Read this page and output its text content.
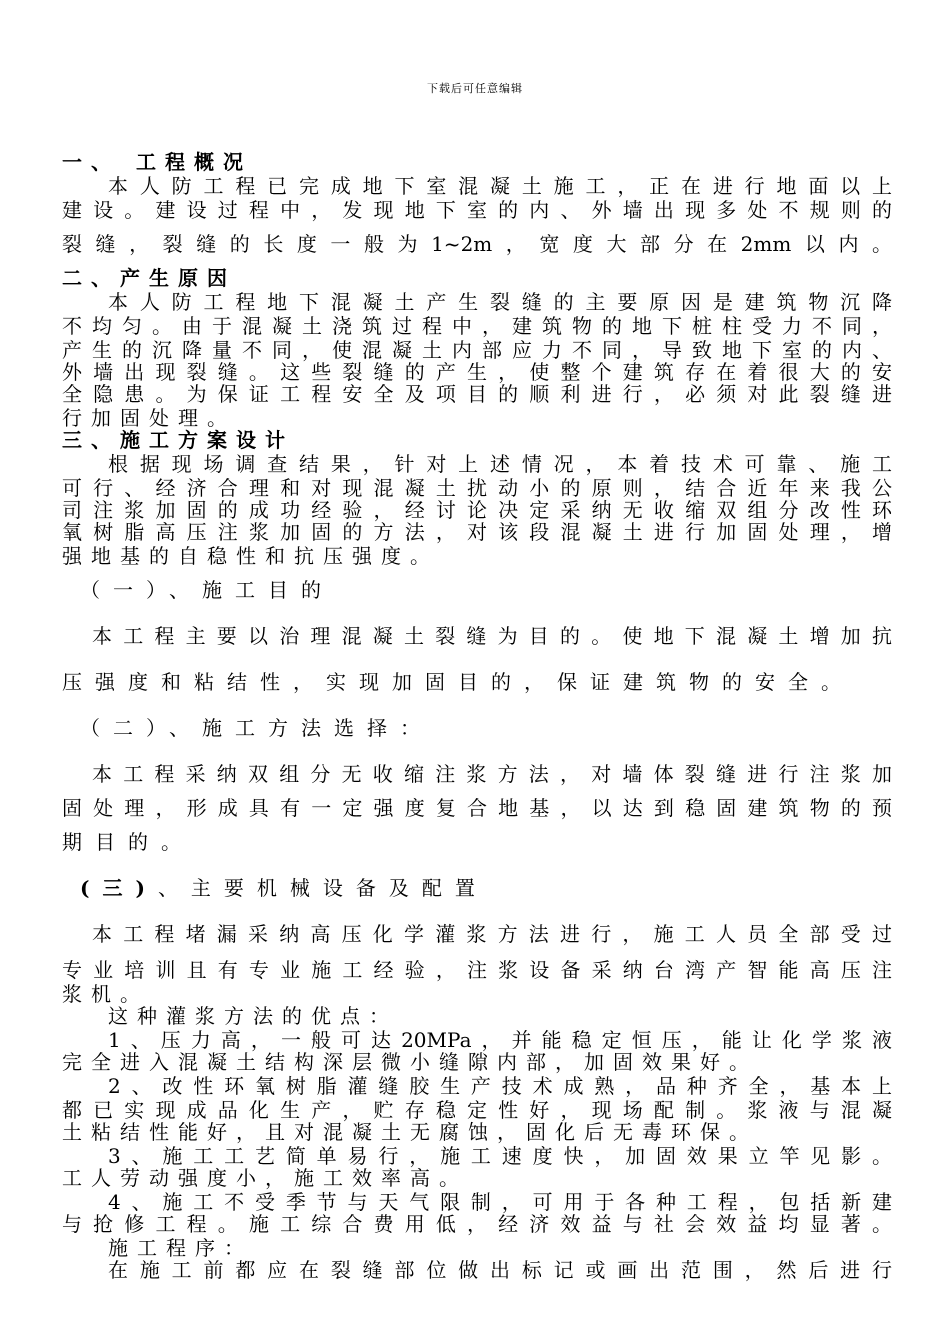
下载后可任意编辑
一、 工程概况
本人防工程已完成地下室混凝土施工，正在进行地面以上
建设。建设过程中，发现地下室的内、外墙出现多处不规则的
裂缝，裂缝的长度一般为1~2m，宽度大部分在2mm以内。
二、产生原因
本人防工程地下混凝土产生裂缝的主要原因是建筑物沉降
不均匀。由于混凝土浇筑过程中，建筑物的地下桩柱受力不同，
产生的沉降量不同，使混凝土内部应力不同，导致地下室的内、
外墙出现裂缝。这些裂缝的产生，使整个建筑存在着很大的安
全隐患。为保证工程安全及项目的顺利进行，必须对此裂缝进
行加固处理。
三、施工方案设计
根据现场调查结果，针对上述情况，本着技术可靠、施工
可行、经济合理和对现混凝土扰动小的原则，结合近年来我公
司注浆加固的成功经验，经讨论决定采纳无收缩双组分改性环
氧树脂高压注浆加固的方法，对该段混凝土进行加固处理，增
强地基的自稳性和抗压强度。
（一）、施工目的
本工程主要以治理混凝土裂缝为目的。使地下混凝土增加抗
压强度和粘结性，实现加固目的，保证建筑物的安全。
（二）、施工方法选择：
本工程采纳双组分无收缩注浆方法，对墙体裂缝进行注浆加
固处理，形成具有一定强度复合地基，以达到稳固建筑物的预
期目的。
(三)、主要机械设备及配置
本工程堵漏采纳高压化学灌浆方法进行，施工人员全部受过
专业培训且有专业施工经验，注浆设备采纳台湾产智能高压注
浆机。
这种灌浆方法的优点：
1、压力高，一般可达20MPa，并能稳定恒压，能让化学浆液
完全进入混凝土结构深层微小缝隙内部，加固效果好。
2、改性环氧树脂灌缝胶生产技术成熟，品种齐全，基本上
都已实现成品化生产，贮存稳定性好，现场配制。浆液与混凝
土粘结性能好，且对混凝土无腐蚀，固化后无毒环保。
3、施工工艺简单易行，施工速度快，加固效果立竿见影。
工人劳动强度小，施工效率高。
4、施工不受季节与天气限制，可用于各种工程，包括新建
与抢修工程。施工综合费用低，经济效益与社会效益均显著。
施工程序：
在施工前都应在裂缝部位做出标记或画出范围，然后进行
